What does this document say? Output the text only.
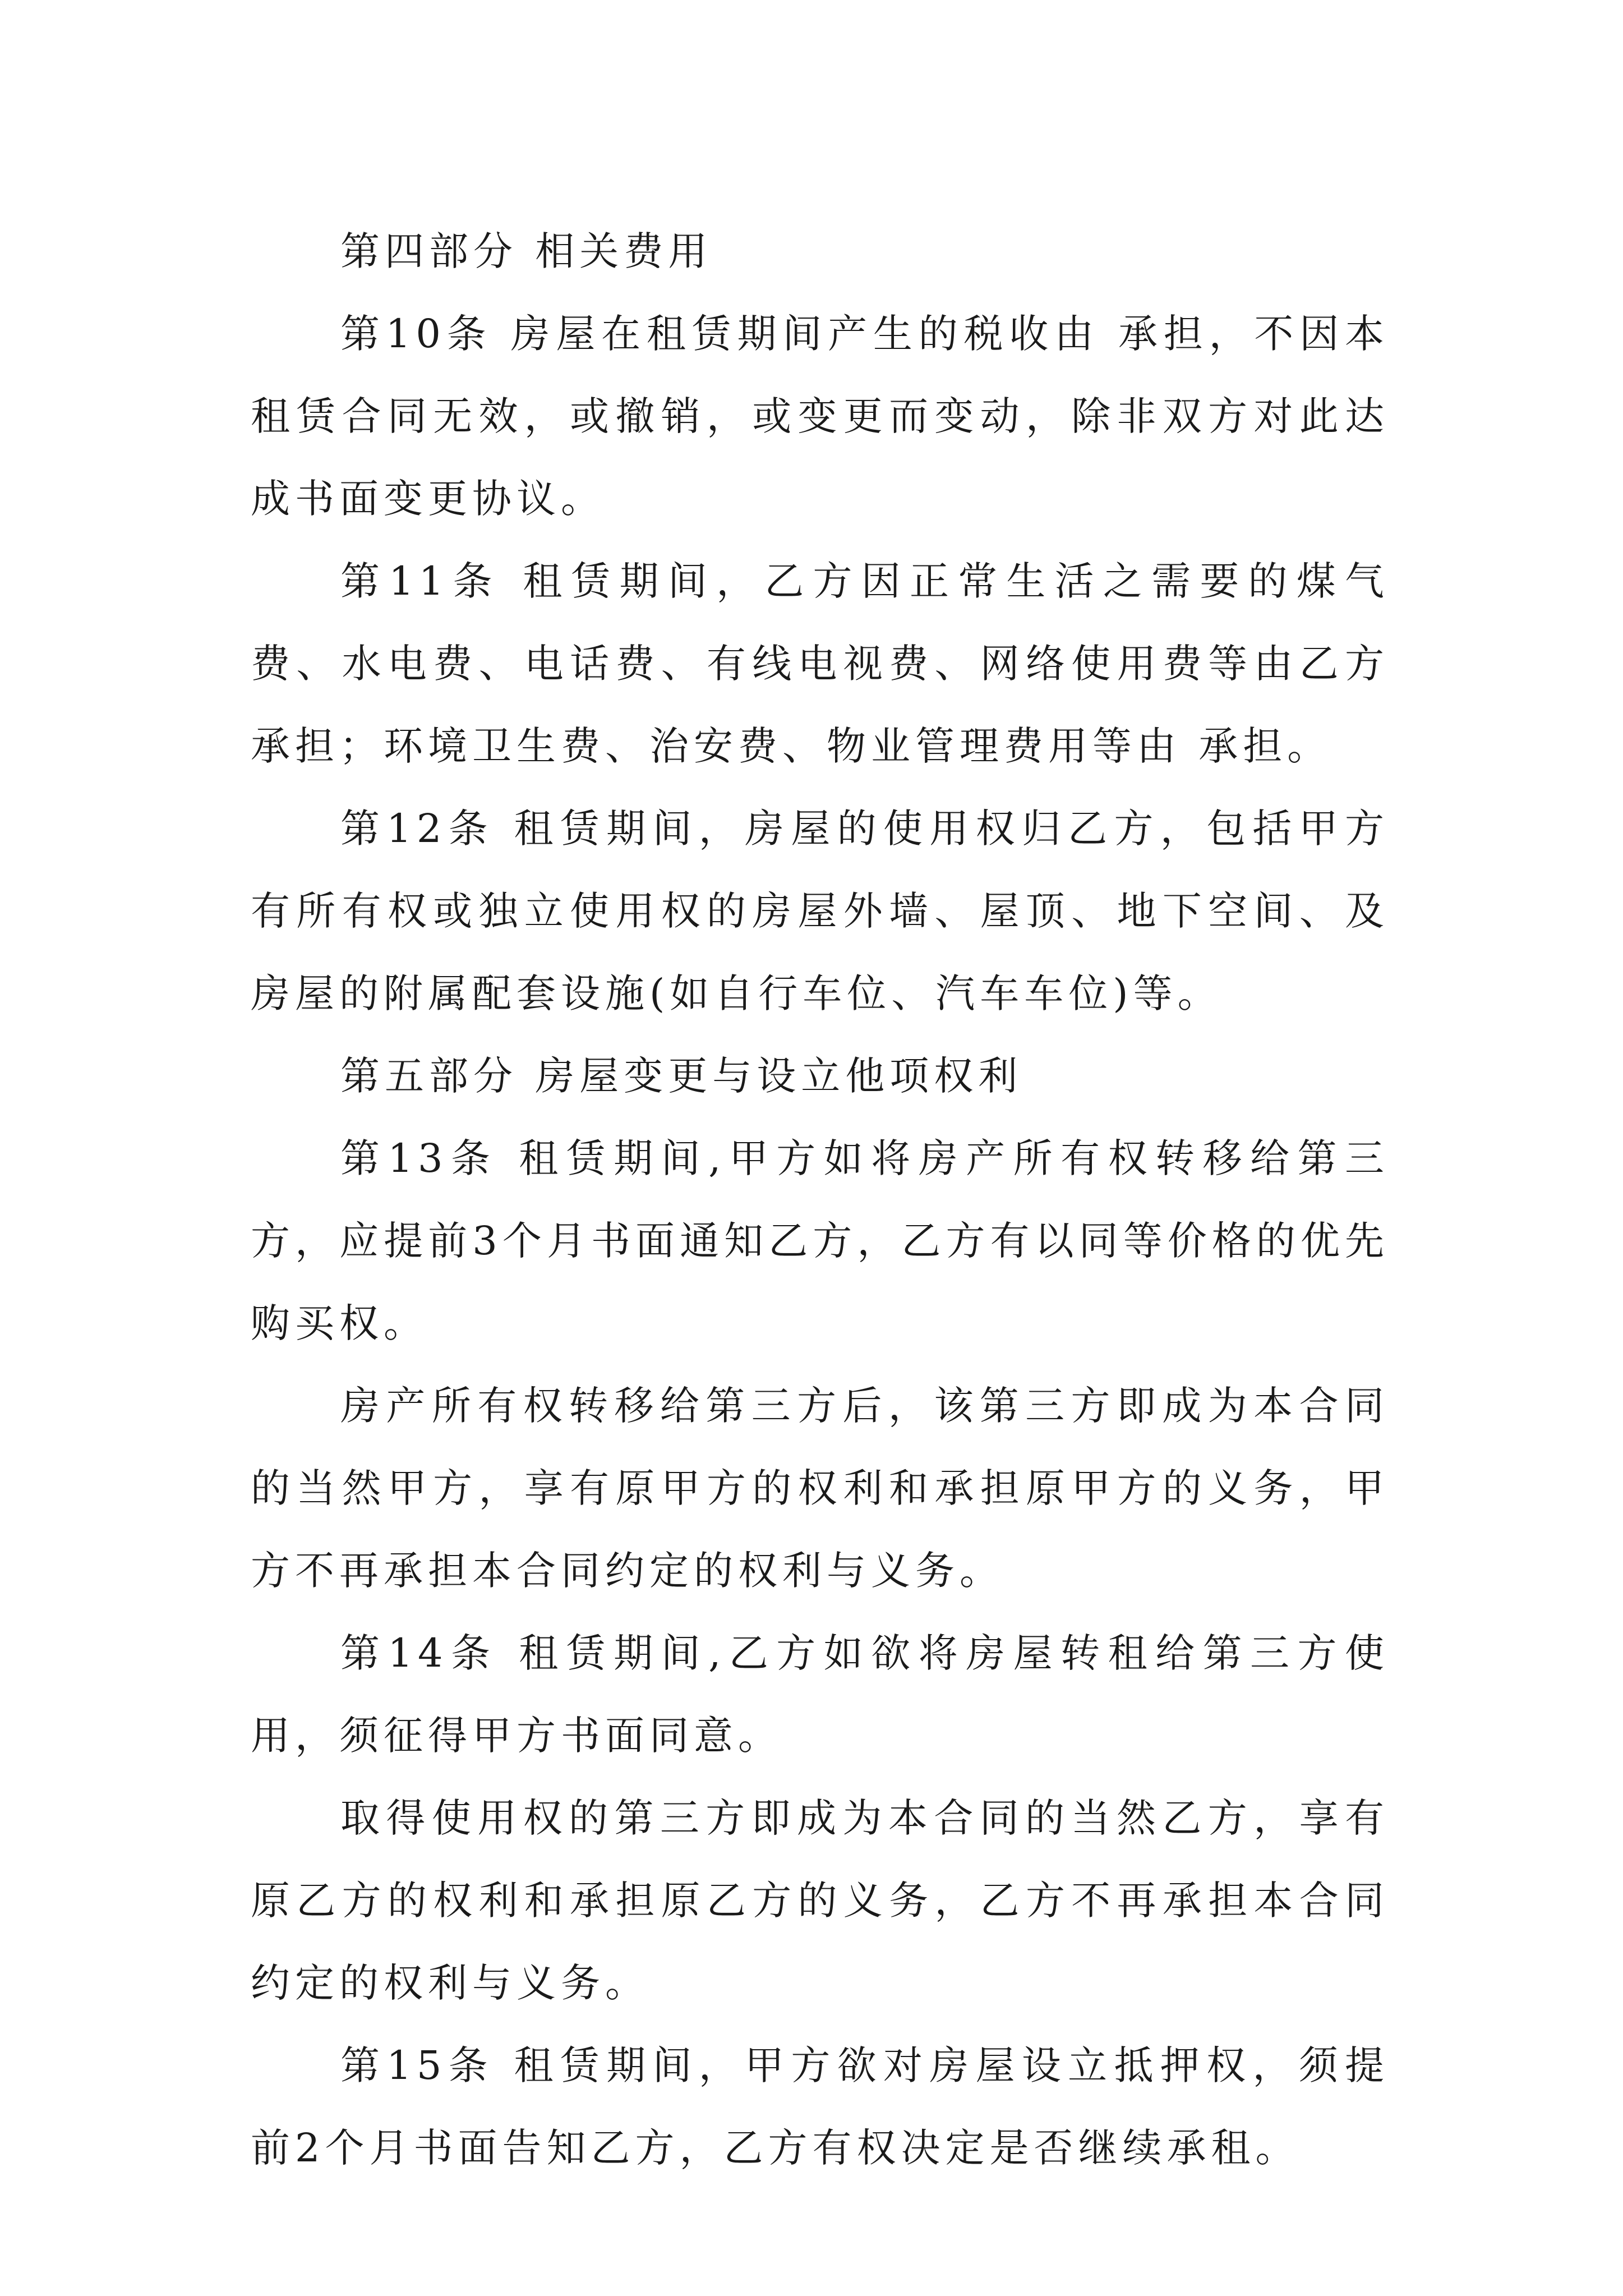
第四部分 相关费用

第10条 房屋在租赁期间产生的税收由 承担，不因本租赁合同无效，或撤销，或变更而变动，除非双方对此达成书面变更协议。

第11条 租赁期间，乙方因正常生活之需要的煤气费、水电费、电话费、有线电视费、网络使用费等由乙方承担；环境卫生费、治安费、物业管理费用等由 承担。

第12条 租赁期间，房屋的使用权归乙方，包括甲方有所有权或独立使用权的房屋外墙、屋顶、地下空间、及房屋的附属配套设施(如自行车位、汽车车位)等。

第五部分 房屋变更与设立他项权利

第13条 租赁期间,甲方如将房产所有权转移给第三方，应提前3个月书面通知乙方，乙方有以同等价格的优先购买权。

房产所有权转移给第三方后，该第三方即成为本合同的当然甲方，享有原甲方的权利和承担原甲方的义务，甲方不再承担本合同约定的权利与义务。

第14条 租赁期间,乙方如欲将房屋转租给第三方使用，须征得甲方书面同意。

取得使用权的第三方即成为本合同的当然乙方，享有原乙方的权利和承担原乙方的义务，乙方不再承担本合同约定的权利与义务。

第15条 租赁期间，甲方欲对房屋设立抵押权，须提前2个月书面告知乙方，乙方有权决定是否继续承租。
